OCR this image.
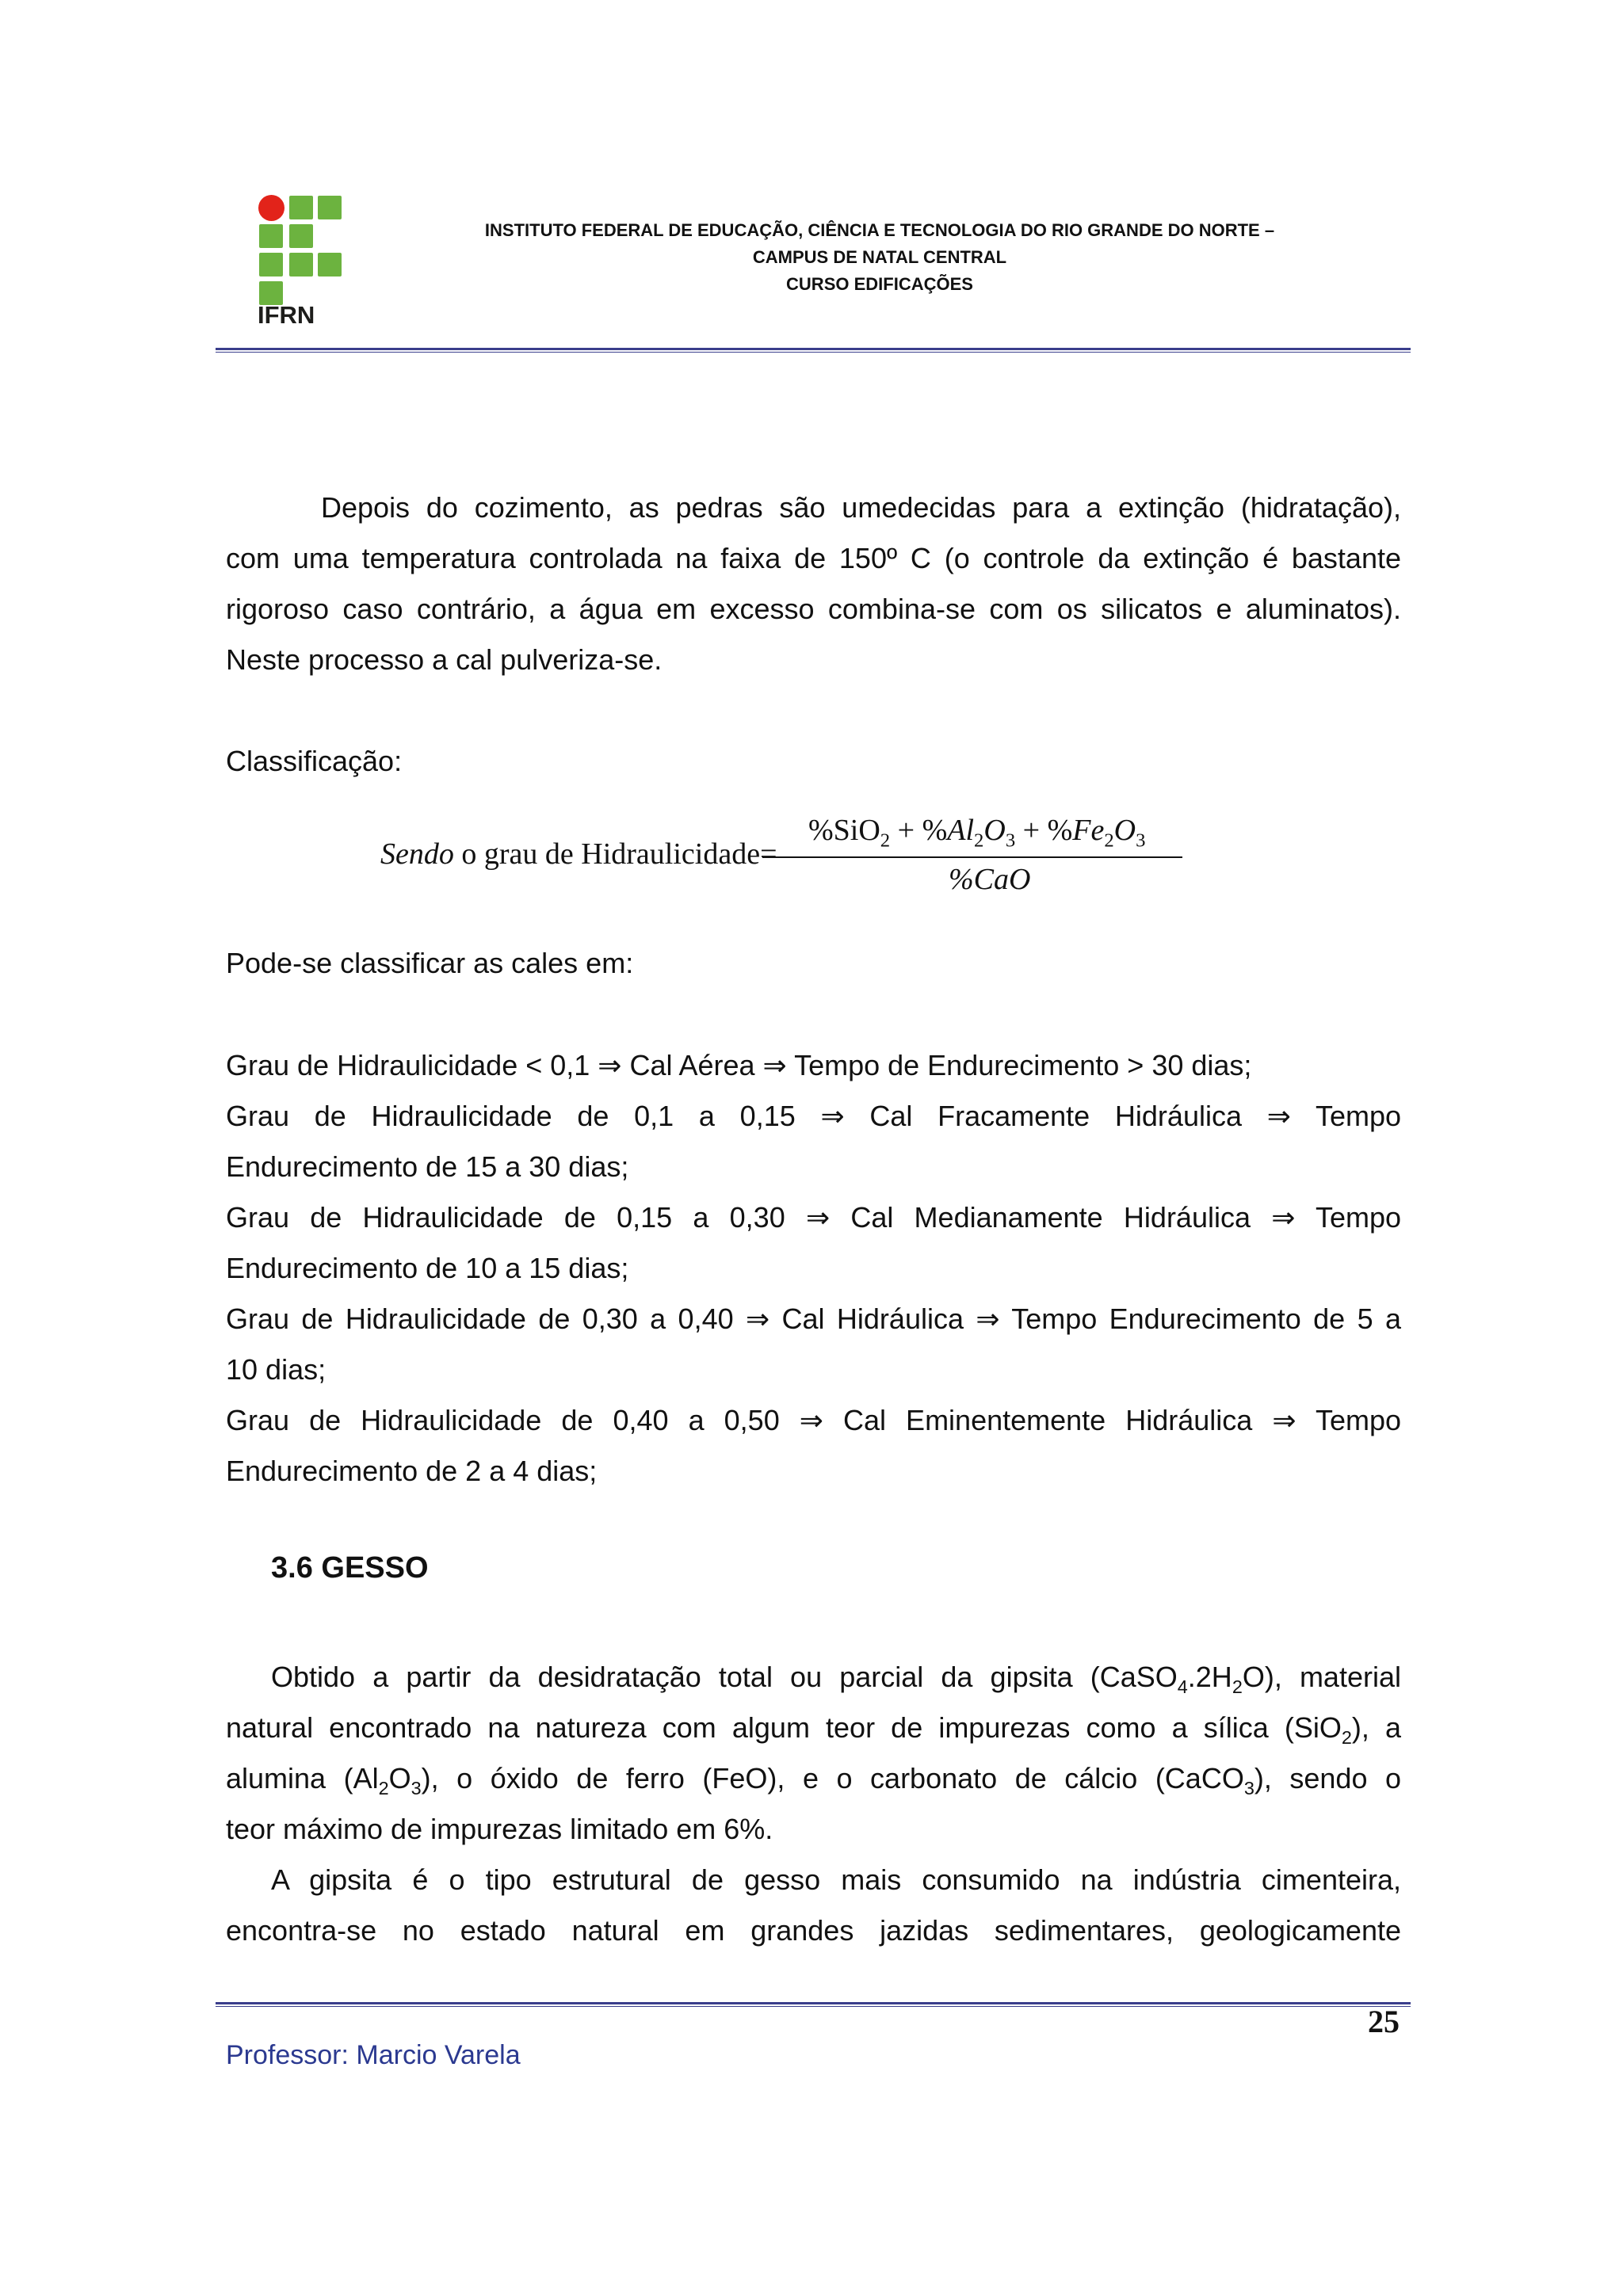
IFRN
INSTITUTO FEDERAL DE EDUCAÇÃO, CIÊNCIA E TECNOLOGIA DO RIO GRANDE DO NORTE –
CAMPUS DE NATAL CENTRAL
CURSO EDIFICAÇÕES

Depois do cozimento, as pedras são umedecidas para a extinção (hidratação),

com uma temperatura controlada na faixa de 150º C (o controle da extinção é bastante

rigoroso caso contrário, a água em excesso combina-se com os silicatos e aluminatos).

Neste processo a cal pulveriza-se.

Classificação:

Sendo o grau de Hidraulicidade=
$\%SiO_2 + \%Al_2O_3 + \%Fe_2O_3$
%CaO

Pode-se classificar as cales em:

Grau de Hidraulicidade < 0,1 ⇒ Cal Aérea ⇒ Tempo de Endurecimento > 30 dias;

Grau de Hidraulicidade de 0,1 a 0,15 ⇒ Cal Fracamente Hidráulica ⇒ Tempo

Endurecimento de 15 a 30 dias;

Grau de Hidraulicidade de 0,15 a 0,30 ⇒ Cal Medianamente Hidráulica ⇒ Tempo

Endurecimento de 10 a 15 dias;

Grau de Hidraulicidade de 0,30 a 0,40 ⇒ Cal Hidráulica ⇒ Tempo Endurecimento de 5 a

10 dias;

Grau de Hidraulicidade de 0,40 a 0,50 ⇒ Cal Eminentemente Hidráulica ⇒ Tempo

Endurecimento de 2 a 4 dias;

3.6 GESSO

Obtido a partir da desidratação total ou parcial da gipsita $(CaSO_4.2H_2O)$, material

natural encontrado na natureza com algum teor de impurezas como a sílica (SiO$_2$), a

alumina $(Al_2O_3)$, o óxido de ferro (FeO), e o carbonato de cálcio (CaCO$_3$), sendo o

teor máximo de impurezas limitado em 6%.

A gipsita é o tipo estrutural de gesso mais consumido na indústria cimenteira,

encontra-se no estado natural em grandes jazidas sedimentares, geologicamente

25
Professor: Marcio Varela
